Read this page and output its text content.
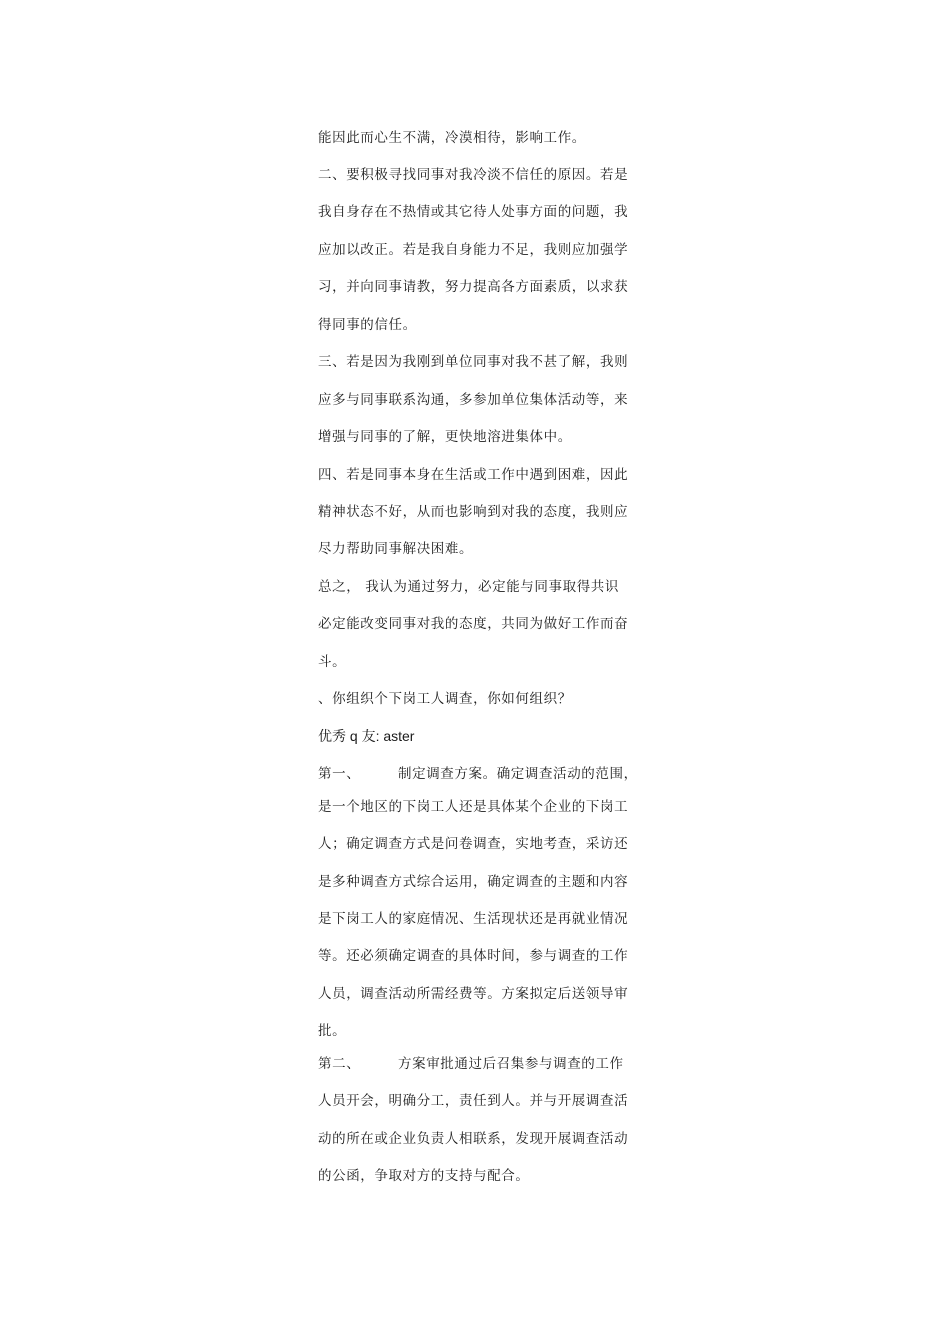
能因此而心生不满，冷漠相待，影响工作。
二、要积极寻找同事对我冷淡不信任的原因。若是
我自身存在不热情或其它待人处事方面的问题，我
应加以改正。若是我自身能力不足，我则应加强学
习，并向同事请教，努力提高各方面素质，以求获
得同事的信任。
三、若是因为我刚到单位同事对我不甚了解，我则
应多与同事联系沟通，多参加单位集体活动等，来
增强与同事的了解，更快地溶进集体中。
四、若是同事本身在生活或工作中遇到困难，因此
精神状态不好，从而也影响到对我的态度，我则应
尽力帮助同事解决困难。
总之， 我认为通过努力，必定能与同事取得共识
必定能改变同事对我的态度，共同为做好工作而奋
斗。
、你组织个下岗工人调查，你如何组织？
优秀 q 友: aster
第一、	制定调查方案。确定调查活动的范围，
是一个地区的下岗工人还是具体某个企业的下岗工
人；确定调查方式是问卷调查，实地考查，采访还
是多种调查方式综合运用，确定调查的主题和内容
是下岗工人的家庭情况、生活现状还是再就业情况
等。还必须确定调查的具体时间，参与调查的工作
人员，调查活动所需经费等。方案拟定后送领导审
批。
第二、	方案审批通过后召集参与调查的工作
人员开会，明确分工，责任到人。并与开展调查活
动的所在或企业负责人相联系，发现开展调查活动
的公函，争取对方的支持与配合。
